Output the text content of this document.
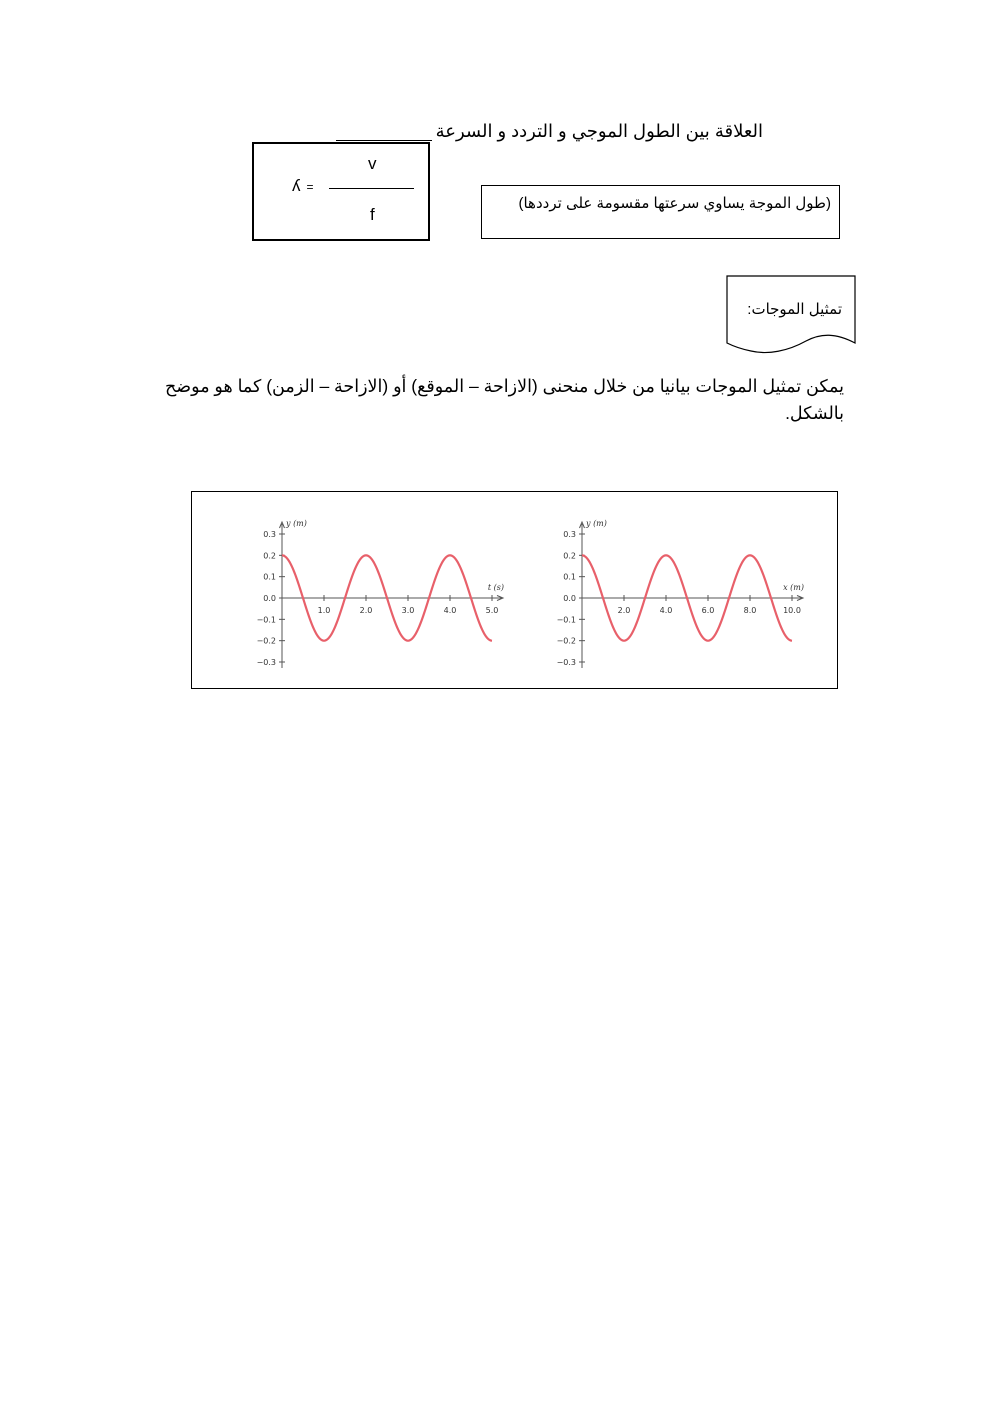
العلاقة بين الطول الموجي و التردد و السرعة
v
ʎ =
f
(طول الموجة يساوي سرعتها مقسومة على ترددها)
تمثيل الموجات:
يمكن تمثيل الموجات بيانيا من خلال منحنى (الازاحة – الموقع) أو (الازاحة – الزمن) كما هو موضح بالشكل.
0.3
0.2
0.1
0.0
−0.1
−0.2
−0.3
1.0	2.0	3.0	4.0	5.0
y (m)
t (s)
0.3
0.2
0.1
0.0
−0.1
−0.2
−0.3
2.0	4.0	6.0	8.0	10.0
y (m)
x (m)
